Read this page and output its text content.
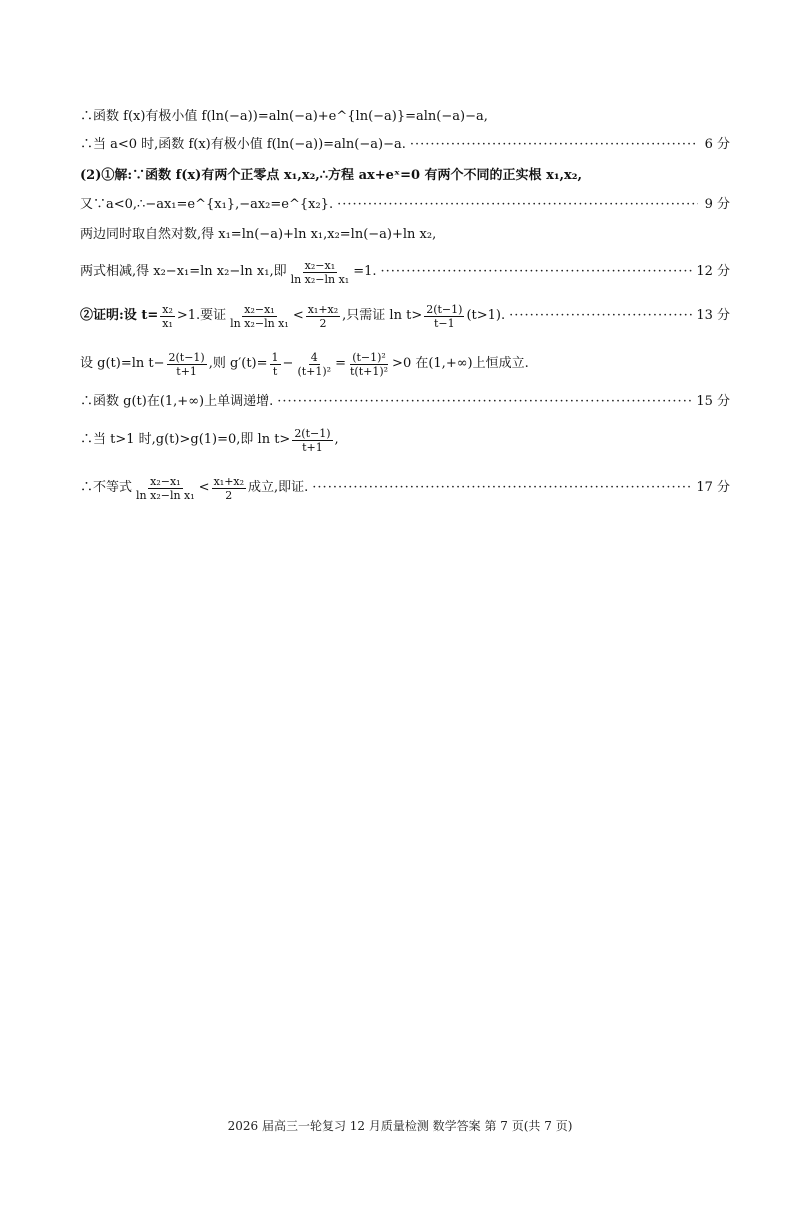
∴函数 f(x)有极小值 f(ln(−a))=aln(−a)+e^{ln(−a)}=aln(−a)−a,
∴当 a<0 时,函数 f(x)有极小值 f(ln(−a))=aln(−a)−a. ·····	6 分
(2)①解:∵函数 f(x)有两个正零点 x₁,x₂,∴方程 ax+eˣ=0 有两个不同的正实根 x₁,x₂,
又∵a<0,∴−ax₁=e^{x₁},−ax₂=e^{x₂}. ·····	9 分
两边同时取自然对数,得 x₁=ln(−a)+ln x₁,x₂=ln(−a)+ln x₂,
两式相减,得 x₂−x₁=ln x₂−ln x₁,即 $\frac{\text{x₂−x₁}}{\text{ln x₂−ln x₁}} =1$. ·····	12 分
②证明:设 $t= \frac{\text{x₂}}{\text{x₁}} >1$.要证 $\frac{\text{x₂−x₁}}{\text{ln x₂−ln x₁}} < \frac{\text{x₁+x₂}}{2}$ ,只需证 $\ln t> \frac{2(t-1)}{t-1} (t>1)$. ·····	13 分
设 g(t)=ln $t- \frac{2(t-1)}{t+1}$ ,则 $g'(t)= \frac{1}{t} - \frac{4}{\text{(t+1)²}} = \frac{\text{(t−1)²}}{\text{t(t+1)²}} >0$ 在(1,+∞)上恒成立.
∴函数 g(t)在(1,+∞)上单调递增. ·····	15 分
∴当 t>1 时,g(t)>g(1)=0,即 $\ln t> \frac{2(t-1)}{t+1}$ ,
∴不等式 $\frac{\text{x₂−x₁}}{\text{ln x₂−ln x₁}} < \frac{\text{x₁+x₂}}{2}$ 成立,即证. ·····	17 分
2026 届高三一轮复习 12 月质量检测 数学答案 第 7 页(共 7 页)
